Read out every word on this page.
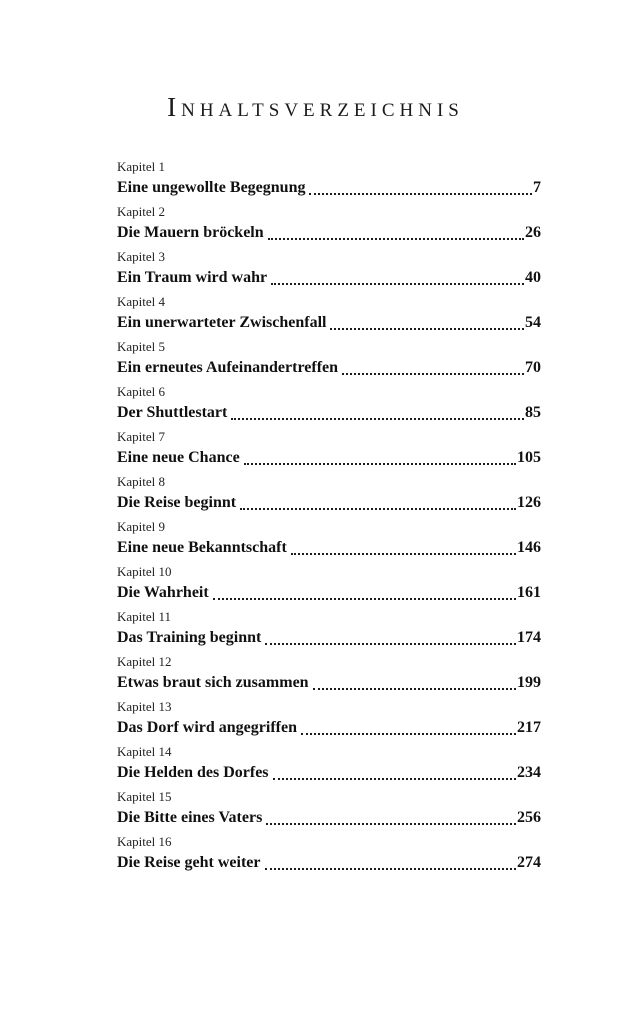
Inhaltsverzeichnis
Kapitel 1
Eine ungewollte Begegnung	7
Kapitel 2
Die Mauern bröckeln	26
Kapitel 3
Ein Traum wird wahr	40
Kapitel 4
Ein unerwarteter Zwischenfall	54
Kapitel 5
Ein erneutes Aufeinandertreffen	70
Kapitel 6
Der Shuttlestart	85
Kapitel 7
Eine neue Chance	105
Kapitel 8
Die Reise beginnt	126
Kapitel 9
Eine neue Bekanntschaft	146
Kapitel 10
Die Wahrheit	161
Kapitel 11
Das Training beginnt	174
Kapitel 12
Etwas braut sich zusammen	199
Kapitel 13
Das Dorf wird angegriffen	217
Kapitel 14
Die Helden des Dorfes	234
Kapitel 15
Die Bitte eines Vaters	256
Kapitel 16
Die Reise geht weiter	274
